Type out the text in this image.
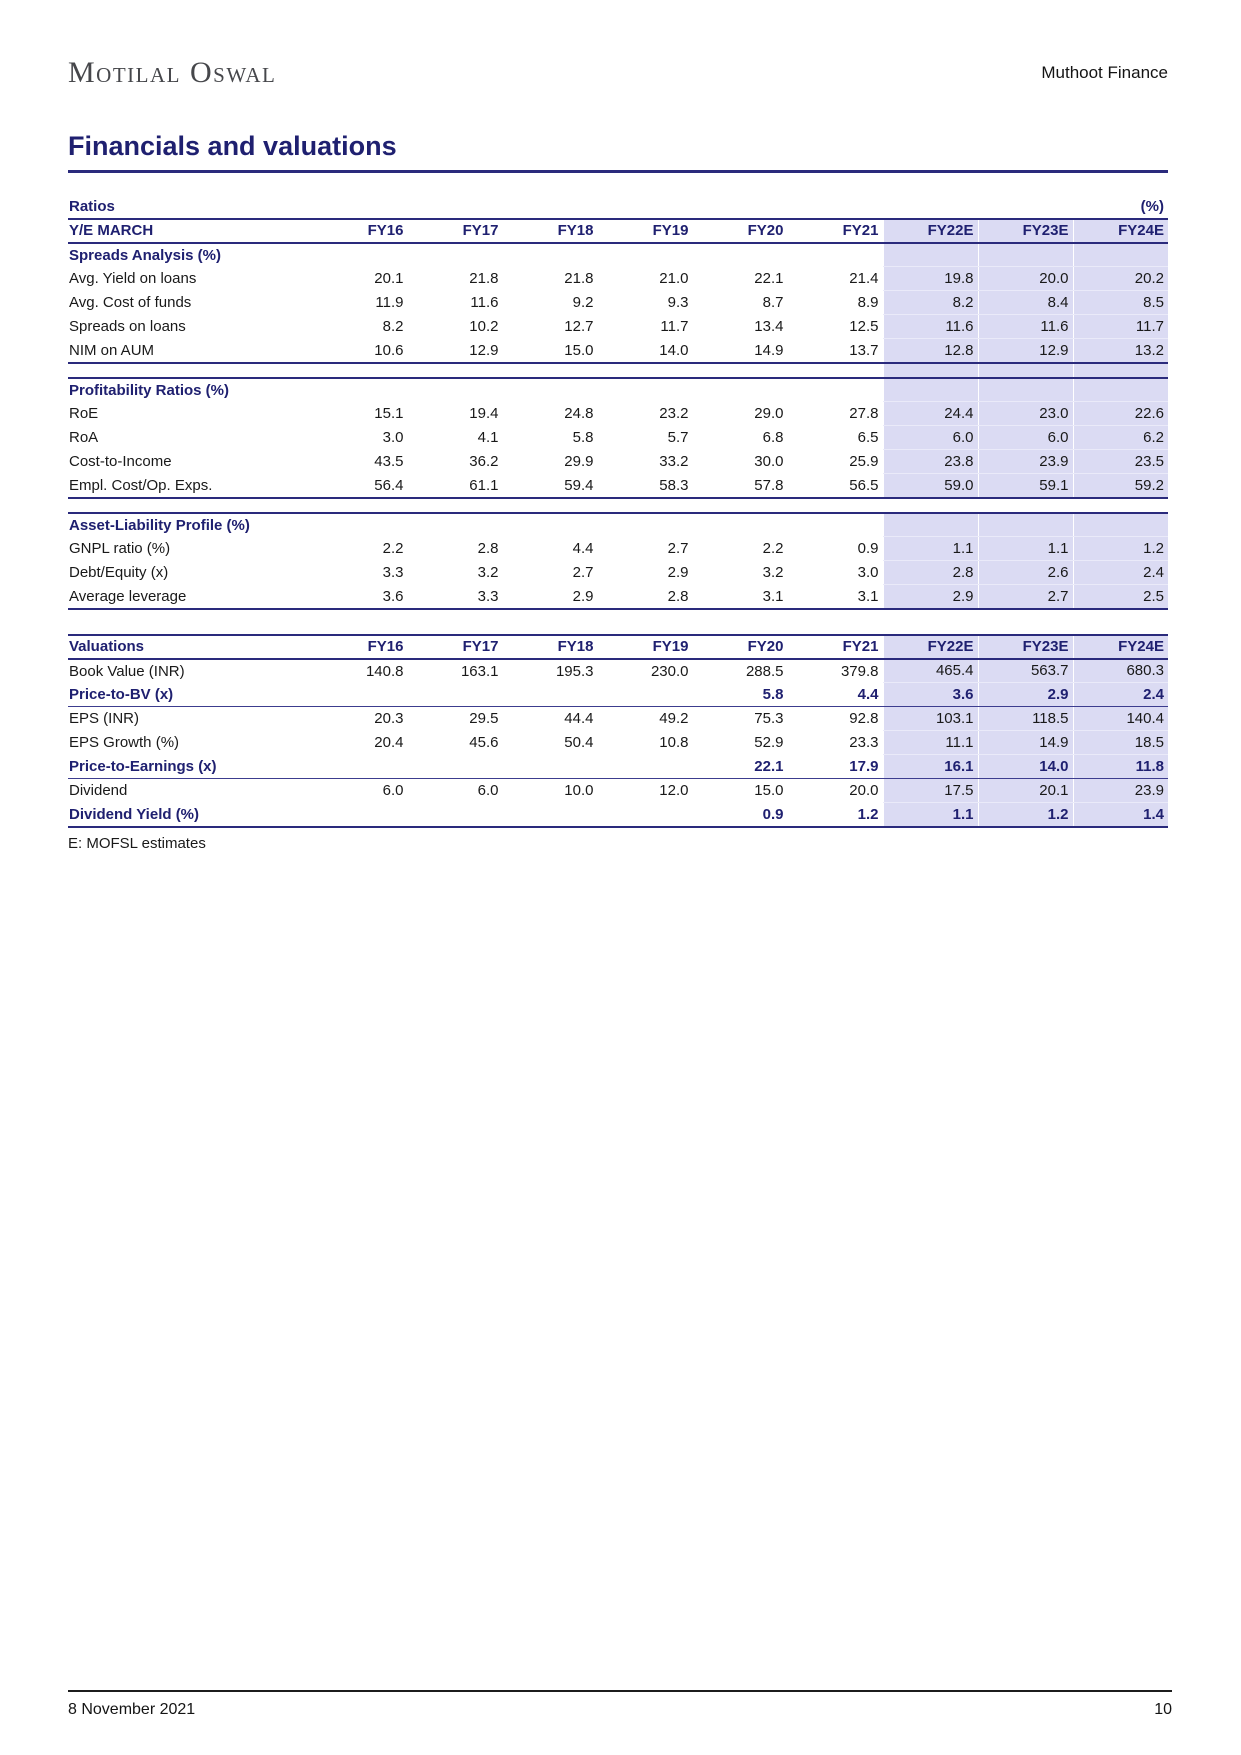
Motilal Oswal	Muthoot Finance
Financials and valuations
Ratios									(%)
Y/E MARCH	FY16	FY17	FY18	FY19	FY20	FY21	FY22E	FY23E	FY24E
Spreads Analysis (%)									
Avg. Yield on loans	20.1	21.8	21.8	21.0	22.1	21.4	19.8	20.0	20.2
Avg. Cost of funds	11.9	11.6	9.2	9.3	8.7	8.9	8.2	8.4	8.5
Spreads on loans	8.2	10.2	12.7	11.7	13.4	12.5	11.6	11.6	11.7
NIM on AUM	10.6	12.9	15.0	14.0	14.9	13.7	12.8	12.9	13.2

Profitability Ratios (%)									
RoE	15.1	19.4	24.8	23.2	29.0	27.8	24.4	23.0	22.6
RoA	3.0	4.1	5.8	5.7	6.8	6.5	6.0	6.0	6.2
Cost-to-Income	43.5	36.2	29.9	33.2	30.0	25.9	23.8	23.9	23.5
Empl. Cost/Op. Exps.	56.4	61.1	59.4	58.3	57.8	56.5	59.0	59.1	59.2

Asset-Liability Profile (%)									
GNPL ratio (%)	2.2	2.8	4.4	2.7	2.2	0.9	1.1	1.1	1.2
Debt/Equity (x)	3.3	3.2	2.7	2.9	3.2	3.0	2.8	2.6	2.4
Average leverage	3.6	3.3	2.9	2.8	3.1	3.1	2.9	2.7	2.5

Valuations	FY16	FY17	FY18	FY19	FY20	FY21	FY22E	FY23E	FY24E
Book Value (INR)	140.8	163.1	195.3	230.0	288.5	379.8	465.4	563.7	680.3
Price-to-BV (x)					5.8	4.4	3.6	2.9	2.4
EPS (INR)	20.3	29.5	44.4	49.2	75.3	92.8	103.1	118.5	140.4
EPS Growth (%)	20.4	45.6	50.4	10.8	52.9	23.3	11.1	14.9	18.5
Price-to-Earnings (x)					22.1	17.9	16.1	14.0	11.8
Dividend	6.0	6.0	10.0	12.0	15.0	20.0	17.5	20.1	23.9
Dividend Yield (%)					0.9	1.2	1.1	1.2	1.4
E: MOFSL estimates
8 November 2021	10
